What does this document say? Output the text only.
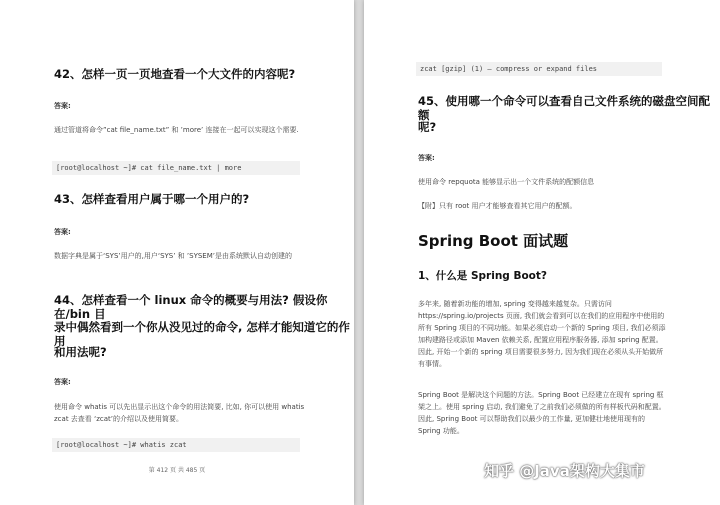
42、怎样一页一页地查看一个大文件的内容呢?
答案:
通过管道将命令”cat file_name.txt” 和 ’more’ 连接在一起可以实现这个需要.
[root@localhost ~]# cat file_name.txt | more
43、怎样查看用户属于哪一个用户的?
答案:
数据字典是属于‘SYS’用户的,用户‘SYS’ 和 ’SYSEM’是由系统默认自动创建的
44、怎样查看一个 linux 命令的概要与用法? 假设你在/bin 目
录中偶然看到一个你从没见过的命令, 怎样才能知道它的作用
和用法呢?
答案:
使用命令 whatis 可以先出显示出这个命令的用法简要, 比如, 你可以使用 whatis zcat 去查看 ‘zcat’的介绍以及使用简要。
[root@localhost ~]# whatis zcat
第 412 页 共 485 页
zcat [gzip] (1) – compress or expand files
45、使用哪一个命令可以查看自己文件系统的磁盘空间配额
呢?
答案:
使用命令 repquota 能够显示出一个文件系统的配额信息
【附】只有 root 用户才能够查看其它用户的配额。
Spring Boot 面试题
1、什么是 Spring Boot?
多年来, 随着新功能的增加, spring 变得越来越复杂。只需访问 https://spring.io/projects 页面, 我们就会看到可以在我们的应用程序中使用的所有 Spring 项目的不同功能。如果必须启动一个新的 Spring 项目, 我们必须添加构建路径或添加 Maven 依赖关系, 配置应用程序服务器, 添加 spring 配置。因此, 开始一个新的 spring 项目需要很多努力, 因为我们现在必须从头开始做所有事情。
Spring Boot 是解决这个问题的方法。Spring Boot 已经建立在现有 spring 框架之上。使用 spring 启动, 我们避免了之前我们必须做的所有样板代码和配置。因此, Spring Boot 可以帮助我们以最少的工作量, 更加健壮地使用现有的 Spring 功能。
知乎 @Java架构大集市
